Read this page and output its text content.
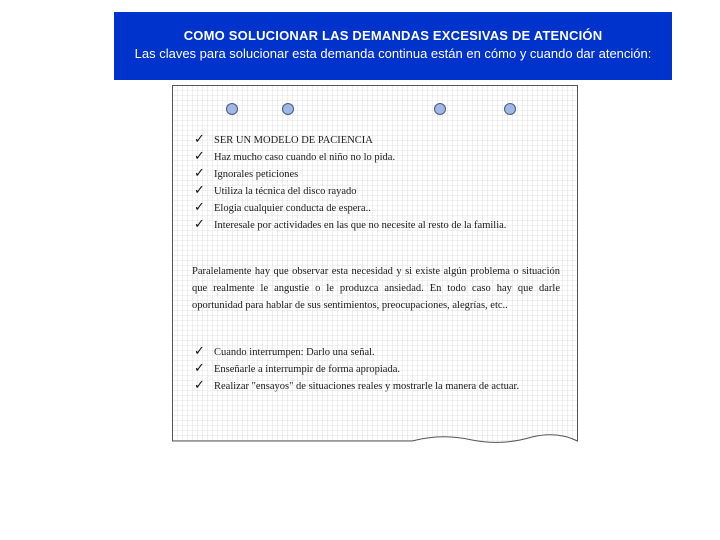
COMO SOLUCIONAR LAS DEMANDAS EXCESIVAS DE ATENCIÓN
Las claves para solucionar esta demanda continua están en cómo y cuando dar atención:
✓ SER UN MODELO DE PACIENCIA
✓ Haz mucho caso cuando el niño no lo pida.
✓ Ignorales peticiones
✓ Utiliza la técnica del disco rayado
✓ Elogia cualquier conducta de espera..
✓ Interesale por actividades en las que no necesite al resto de la familia.
Paralelamente hay que observar esta necesidad y si existe algún problema o situación que realmente le angustie o le produzca ansiedad. En todo caso hay que darle oportunidad para hablar de sus sentimientos, preocupaciones, alegrías, etc..
✓ Cuando interrumpen: Darlo una señal.
✓ Enseñarle a interrumpir de forma apropiada.
✓ Realizar "ensayos" de situaciones reales y mostrarle la manera de actuar.
